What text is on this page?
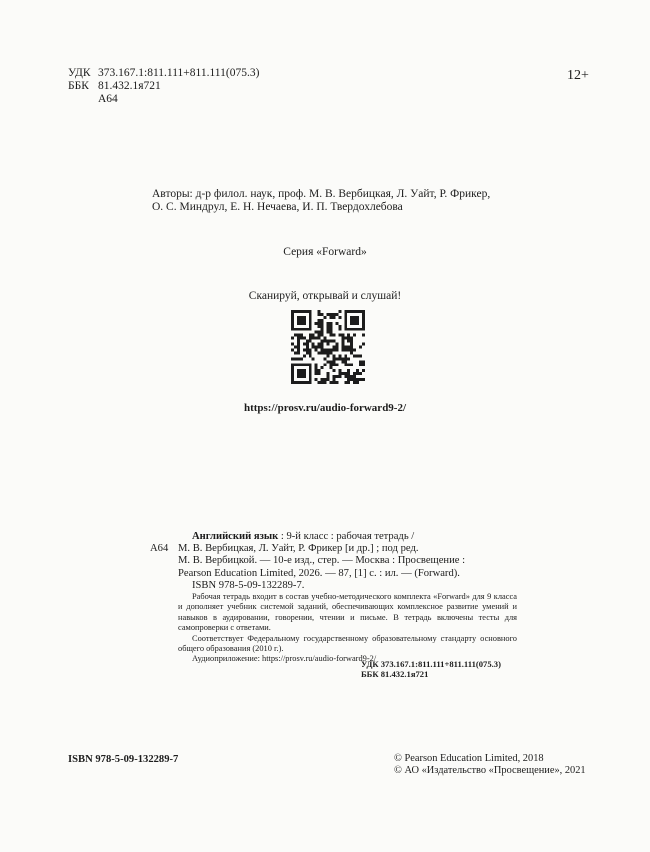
УДК 373.167.1:811.111+811.111(075.3)
ББК 81.432.1я721
А64
12+
Авторы: д-р филол. наук, проф. М. В. Вербицкая, Л. Уайт, Р. Фрикер,
О. С. Миндрул, Е. Н. Нечаева, И. П. Твердохлебова
Серия «Forward»
Сканируй, открывай и слушай!
https://prosv.ru/audio-forward9-2/
А64
Английский язык : 9-й класс : рабочая тетрадь /
М. В. Вербицкая, Л. Уайт, Р. Фрикер [и др.] ; под ред.
М. В. Вербицкой. — 10-е изд., стер. — Москва : Просвещение :
Pearson Education Limited, 2026. — 87, [1] с. : ил. — (Forward).
ISBN 978-5-09-132289-7.

Рабочая тетрадь входит в состав учебно-методического комплекта «Forward» для 9 класса и дополняет учебник системой заданий, обеспечивающих комплексное развитие умений и навыков в аудировании, говорении, чтении и письме. В тетрадь включены тесты для самопроверки с ответами.

Соответствует Федеральному государственному образовательному стандарту основного общего образования (2010 г.).

Аудиоприложение: https://prosv.ru/audio-forward9-2/

УДК 373.167.1:811.111+811.111(075.3)
ББК 81.432.1я721
ISBN 978-5-09-132289-7	© Pearson Education Limited, 2018
© АО «Издательство «Просвещение», 2021
